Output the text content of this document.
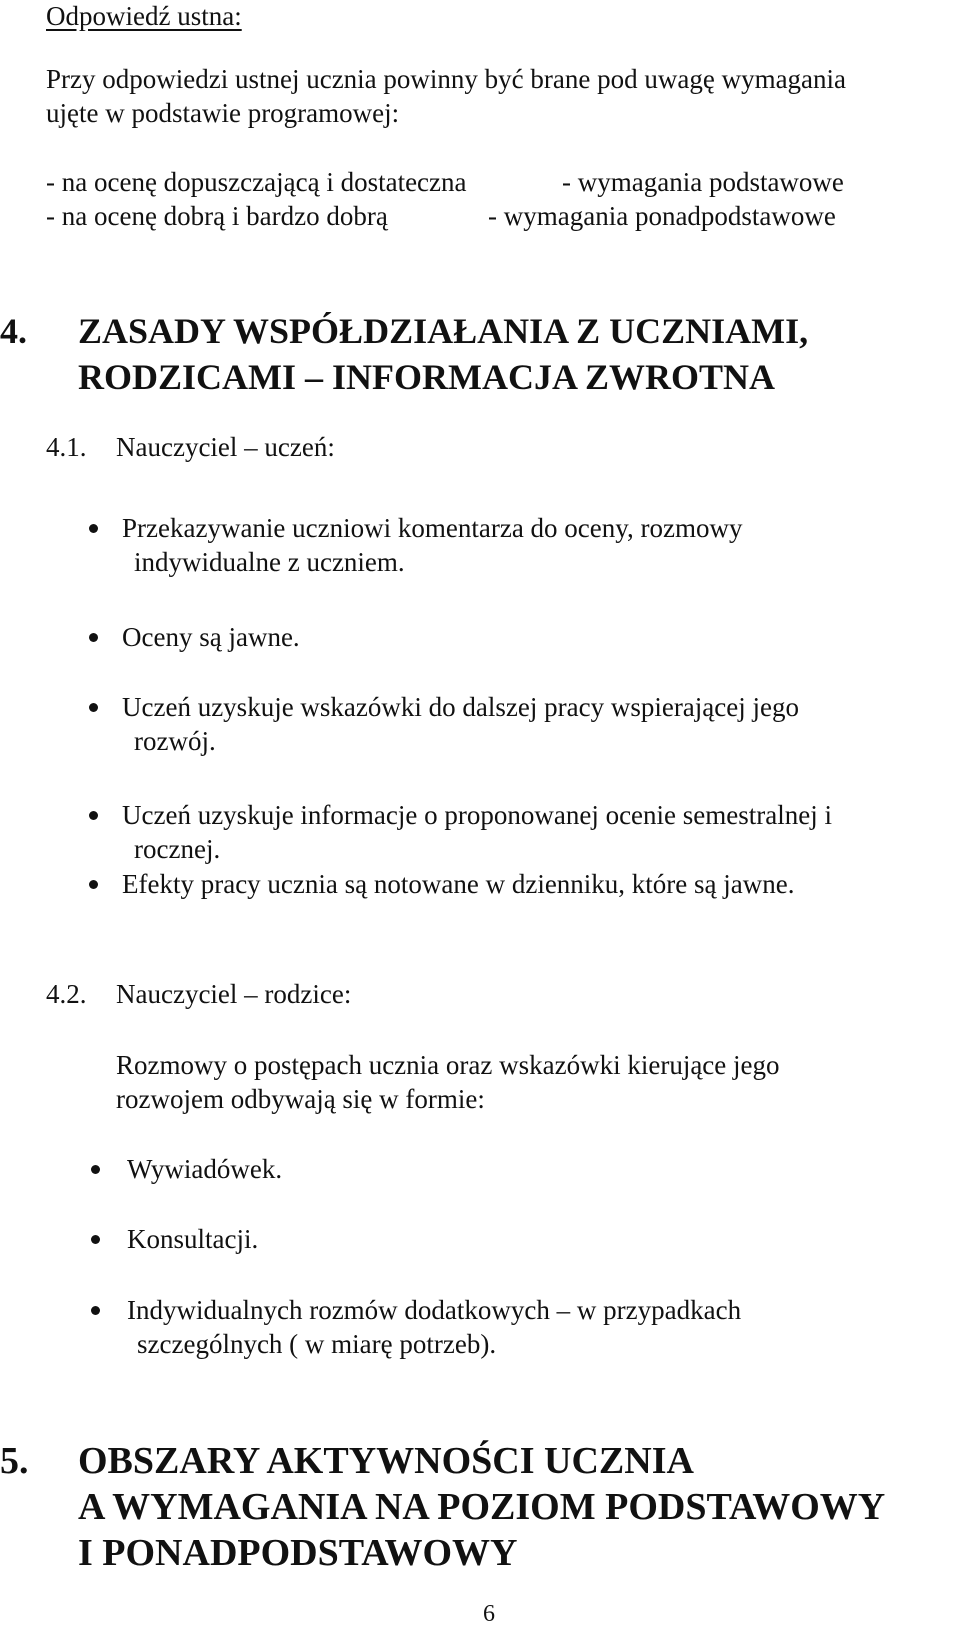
Odpowiedź ustna:
Przy odpowiedzi ustnej ucznia powinny być brane pod uwagę wymagania
ujęte w podstawie programowej:
- na ocenę dopuszczającą i dostateczna	- wymagania podstawowe
- na ocenę dobrą i bardzo dobrą	- wymagania ponadpodstawowe
4. ZASADY WSPÓŁDZIAŁANIA Z UCZNIAMI,
RODZICAMI – INFORMACJA ZWROTNA
4.1. Nauczyciel – uczeń:
Przekazywanie uczniowi komentarza do oceny, rozmowy
indywidualne z uczniem.
Oceny są jawne.
Uczeń uzyskuje wskazówki do dalszej pracy wspierającej jego
rozwój.
Uczeń uzyskuje informacje o proponowanej ocenie semestralnej i
rocznej.
Efekty pracy ucznia są notowane w dzienniku, które są jawne.
4.2. Nauczyciel – rodzice:
Rozmowy o postępach ucznia oraz wskazówki kierujące jego
rozwojem odbywają się w formie:
Wywiadówek.
Konsultacji.
Indywidualnych rozmów dodatkowych – w przypadkach
szczególnych ( w miarę potrzeb).
5. OBSZARY AKTYWNOŚCI UCZNIA
A WYMAGANIA NA POZIOM PODSTAWOWY
I PONADPODSTAWOWY
6
